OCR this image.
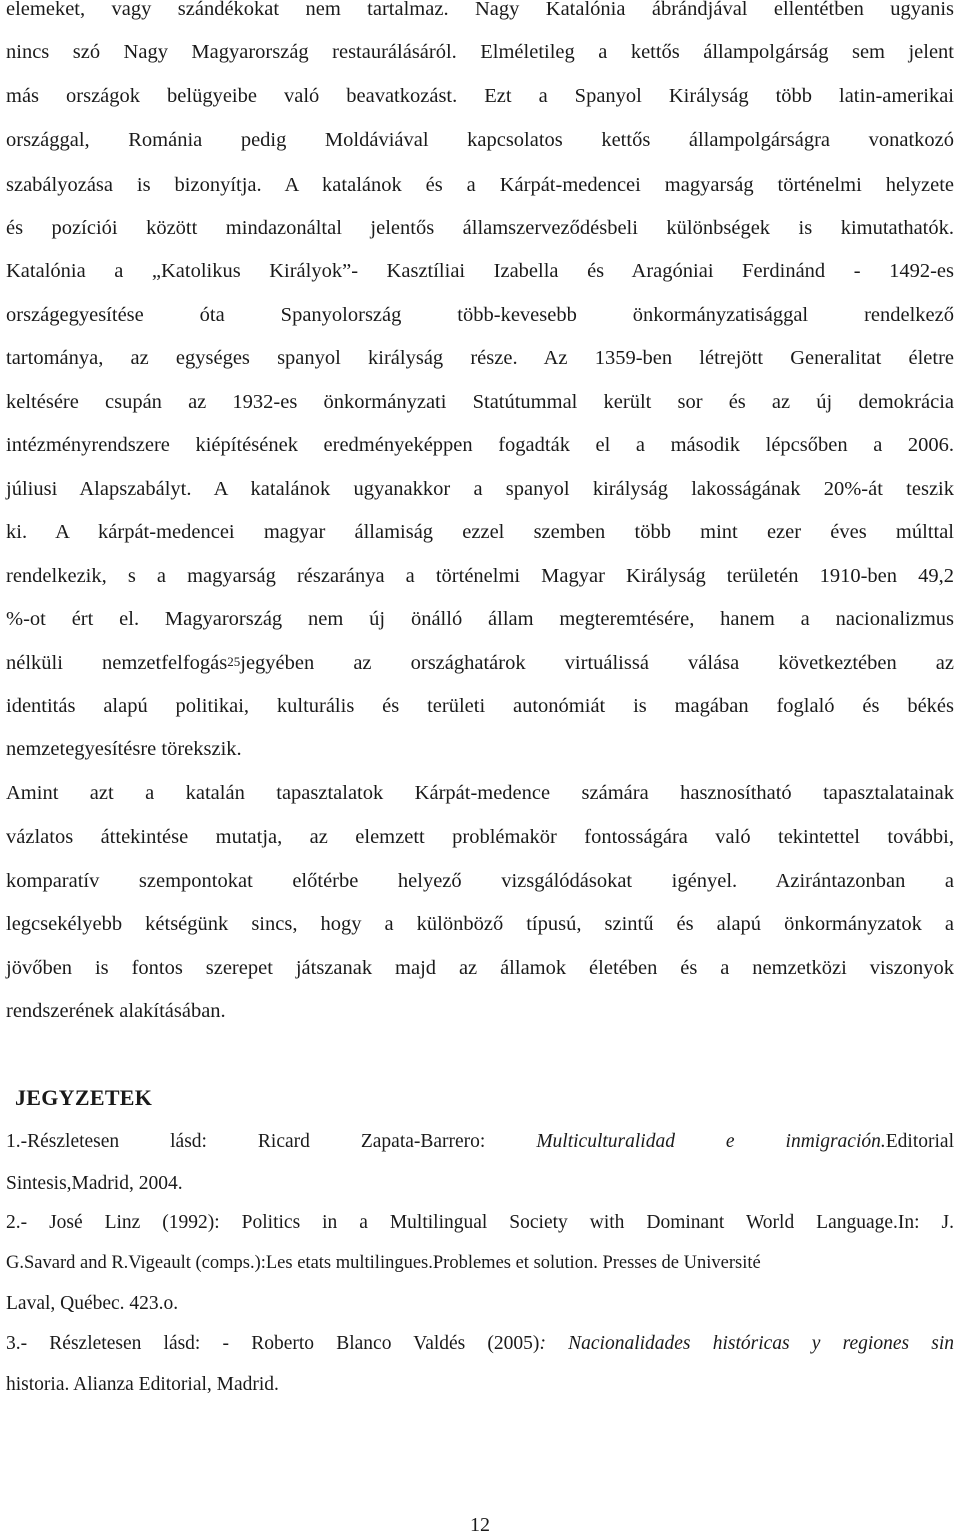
elemeket, vagy szándékokat nem tartalmaz. Nagy Katalónia ábrándjával ellentétben ugyanis
nincs szó Nagy Magyarország restaurálásáról. Elméletileg a kettős állampolgárság sem jelent
más országok belügyeibe való beavatkozást. Ezt a Spanyol Királyság több latin-amerikai
országgal, Románia pedig Moldáviával kapcsolatos kettős állampolgárságra vonatkozó
szabályozása is bizonyítja. A katalánok és a Kárpát-medencei magyarság történelmi helyzete
és pozíciói között mindazonáltal jelentős államszerveződésbeli különbségek is kimutathatók.
Katalónia a „Katolikus Királyok”- Kasztíliai Izabella és Aragóniai Ferdinánd - 1492-es
országegyesítése óta Spanyolország több-kevesebb önkormányzatisággal rendelkező
tartománya, az egységes spanyol királyság része. Az 1359-ben létrejött Generalitat életre
keltésére csupán az 1932-es önkormányzati Statútummal került sor és az új demokrácia
intézményrendszere kiépítésének eredményeképpen fogadták el a második lépcsőben a 2006.
júliusi Alapszabályt. A katalánok ugyanakkor a spanyol királyság lakosságának 20%-át teszik
ki. A kárpát-medencei magyar államiság ezzel szemben több mint ezer éves múlttal
rendelkezik, s a magyarság részaránya a történelmi Magyar Királyság területén 1910-ben 49,2
%-ot ért el. Magyarország nem új önálló állam megteremtésére, hanem a nacionalizmus
nélküli nemzetfelfogás$^{25}$jegyében az országhatárok virtuálissá válása következtében az
identitás alapú politikai, kulturális és területi autonómiát is magában foglaló és békés
nemzetegyesítésre törekszik.
Amint azt a katalán tapasztalatok Kárpát-medence számára hasznosítható tapasztalatainak
vázlatos áttekintése mutatja, az elemzett problémakör fontosságára való tekintettel további,
komparatív szempontokat előtérbe helyező vizsgálódásokat igényel. Azirántazonban a
legcsekélyebb kétségünk sincs, hogy a különböző típusú, szintű és alapú önkormányzatok a
jövőben is fontos szerepet játszanak majd az államok életében és a nemzetközi viszonyok
rendszerének alakításában.
JEGYZETEK
1.-Részletesen lásd: Ricard Zapata-Barrero: Multiculturalidad e inmigración.Editorial
Sintesis,Madrid, 2004.
2.- José Linz (1992): Politics in a Multilingual Society with Dominant World Language.In: J.
G.Savard and R.Vigeault (comps.):Les etats multilingues.Problemes et solution. Presses de Université
Laval, Québec. 423.o.
3.- Részletesen lásd: - Roberto Blanco Valdés (2005): Nacionalidades históricas y regiones sin
historia. Alianza Editorial, Madrid.
12
